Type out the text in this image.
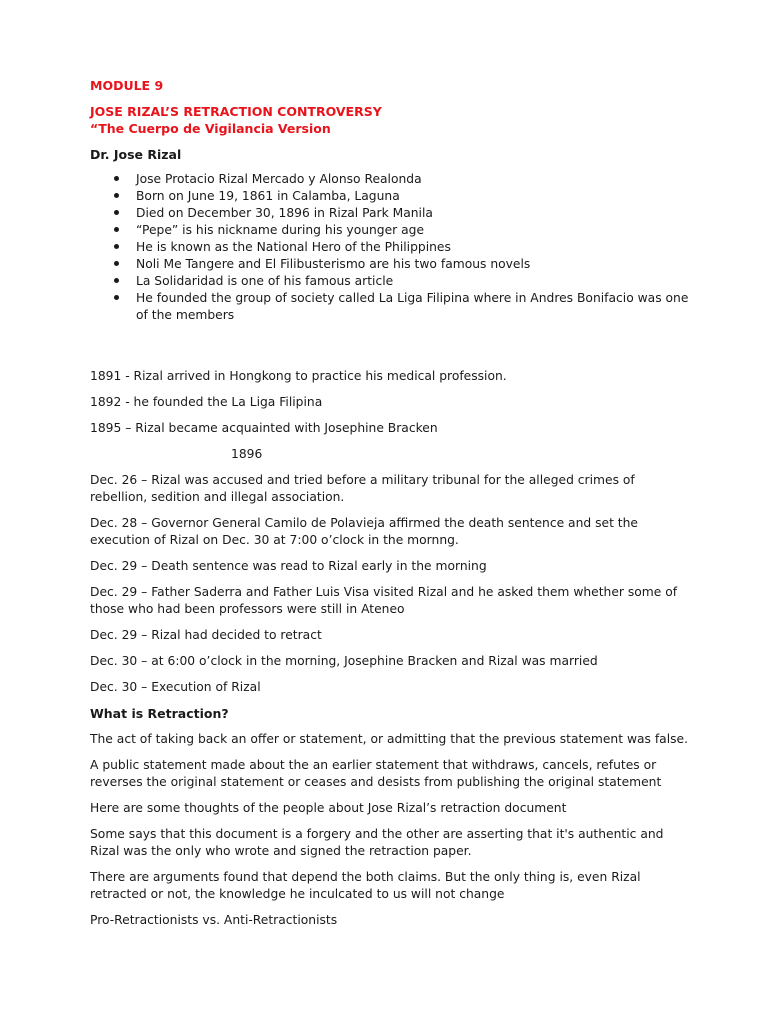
MODULE 9

JOSE RIZAL’S RETRACTION CONTROVERSY

“The Cuerpo de Vigilancia Version

Dr. Jose Rizal

Jose Protacio Rizal Mercado y Alonso Realonda
Born on June 19, 1861 in Calamba, Laguna
Died on December 30, 1896 in Rizal Park Manila
“Pepe” is his nickname during his younger age
He is known as the National Hero of the Philippines
Noli Me Tangere and El Filibusterismo are his two famous novels
La Solidaridad is one of his famous article
He founded the group of society called La Liga Filipina where in Andres Bonifacio was one of the members

1891 - Rizal arrived in Hongkong to practice his medical profession.

1892 - he founded the La Liga Filipina

1895 – Rizal became acquainted with Josephine Bracken

1896

Dec. 26 – Rizal was accused and tried before a military tribunal for the alleged crimes of rebellion, sedition and illegal association.

Dec. 28 – Governor General Camilo de Polavieja affirmed the death sentence and set the execution of Rizal on Dec. 30 at 7:00 o’clock in the mornng.

Dec. 29 – Death sentence was read to Rizal early in the morning

Dec. 29 – Father Saderra and Father Luis Visa visited Rizal and he asked them whether some of those who had been professors were still in Ateneo

Dec. 29 – Rizal had decided to retract

Dec. 30 – at 6:00 o’clock in the morning, Josephine Bracken and Rizal was married

Dec. 30 – Execution of Rizal

What is Retraction?

The act of taking back an offer or statement, or admitting that the previous statement was false.

A public statement made about the an earlier statement that withdraws, cancels, refutes or reverses the original statement or ceases and desists from publishing the original statement

Here are some thoughts of the people about Jose Rizal’s retraction document

Some says that this document is a forgery and the other are asserting that it's authentic and Rizal was the only who wrote and signed the retraction paper.

There are arguments found that depend the both claims. But the only thing is, even Rizal retracted or not, the knowledge he inculcated to us will not change

Pro-Retractionists vs. Anti-Retractionists
